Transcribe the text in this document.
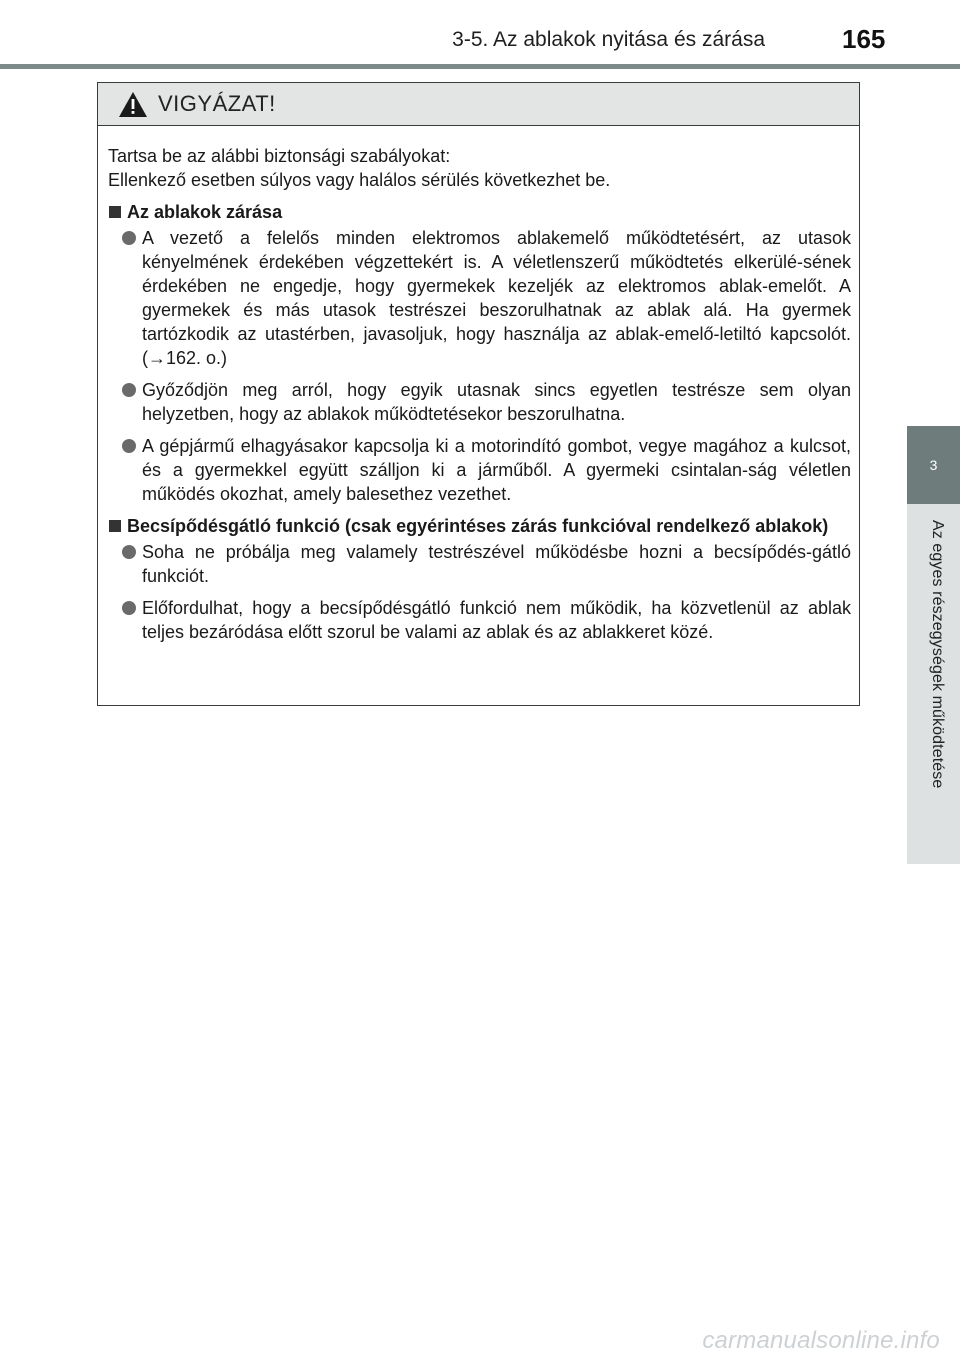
3-5. Az ablakok nyitása és zárása	165
3
Az egyes részegységek működtetése
VIGYÁZAT!
Tartsa be az alábbi biztonsági szabályokat:
Ellenkező esetben súlyos vagy halálos sérülés következhet be.
Az ablakok zárása
A vezető a felelős minden elektromos ablakemelő működtetésért, az utasok kényelmének érdekében végzettekért is. A véletlenszerű működtetés elkerülé-sének érdekében ne engedje, hogy gyermekek kezeljék az elektromos ablak-emelőt. A gyermekek és más utasok testrészei beszorulhatnak az ablak alá. Ha gyermek tartózkodik az utastérben, javasoljuk, hogy használja az ablak-emelő-letiltó kapcsolót. (→162. o.)
Győződjön meg arról, hogy egyik utasnak sincs egyetlen testrésze sem olyan helyzetben, hogy az ablakok működtetésekor beszorulhatna.
A gépjármű elhagyásakor kapcsolja ki a motorindító gombot, vegye magához a kulcsot, és a gyermekkel együtt szálljon ki a járműből. A gyermeki csintalan-ság véletlen működés okozhat, amely balesethez vezethet.
Becsípődésgátló funkció (csak egyérintéses zárás funkcióval rendelkező ablakok)
Soha ne próbálja meg valamely testrészével működésbe hozni a becsípődés-gátló funkciót.
Előfordulhat, hogy a becsípődésgátló funkció nem működik, ha közvetlenül az ablak teljes bezáródása előtt szorul be valami az ablak és az ablakkeret közé.
carmanualsonline.info
